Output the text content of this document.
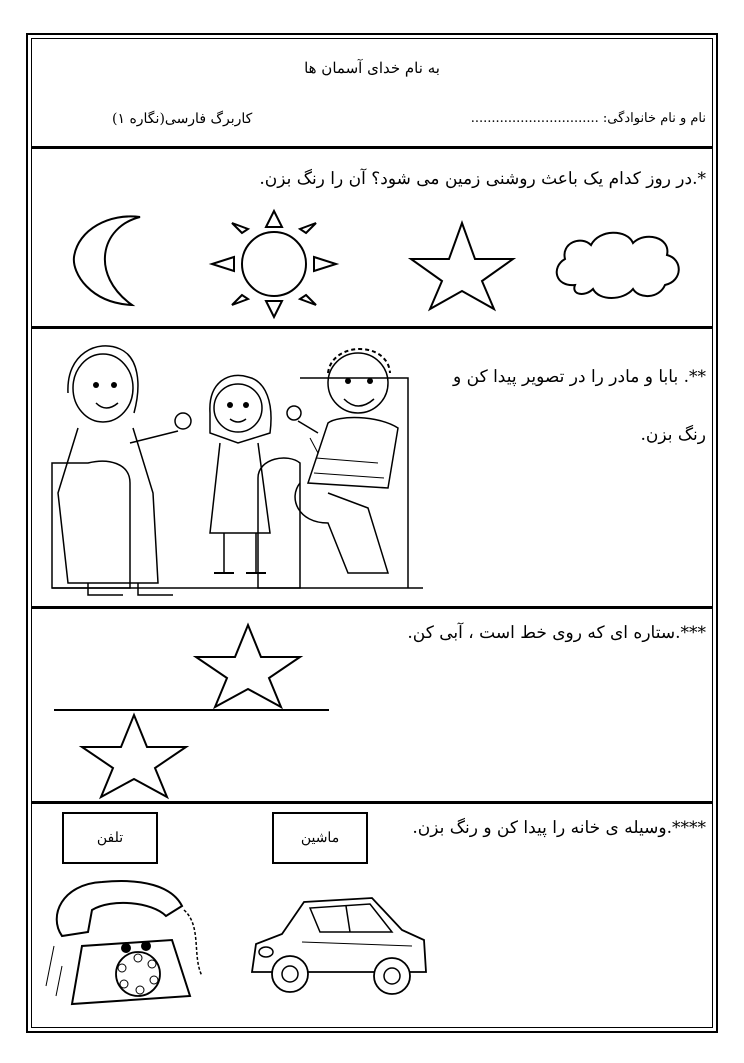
به نام خدای آسمان ها
نام و نام خانوادگی: ...............................
کاربرگ فارسی(نگاره ۱)
*.در روز کدام یک باعث روشنی زمین می شود؟ آن را رنگ بزن.
**. بابا و مادر را در تصویر پیدا کن و
رنگ بزن.
***.ستاره ای که روی خط است ، آبی کن.
****.وسیله ی خانه را پیدا کن و رنگ بزن.
ماشین
تلفن
